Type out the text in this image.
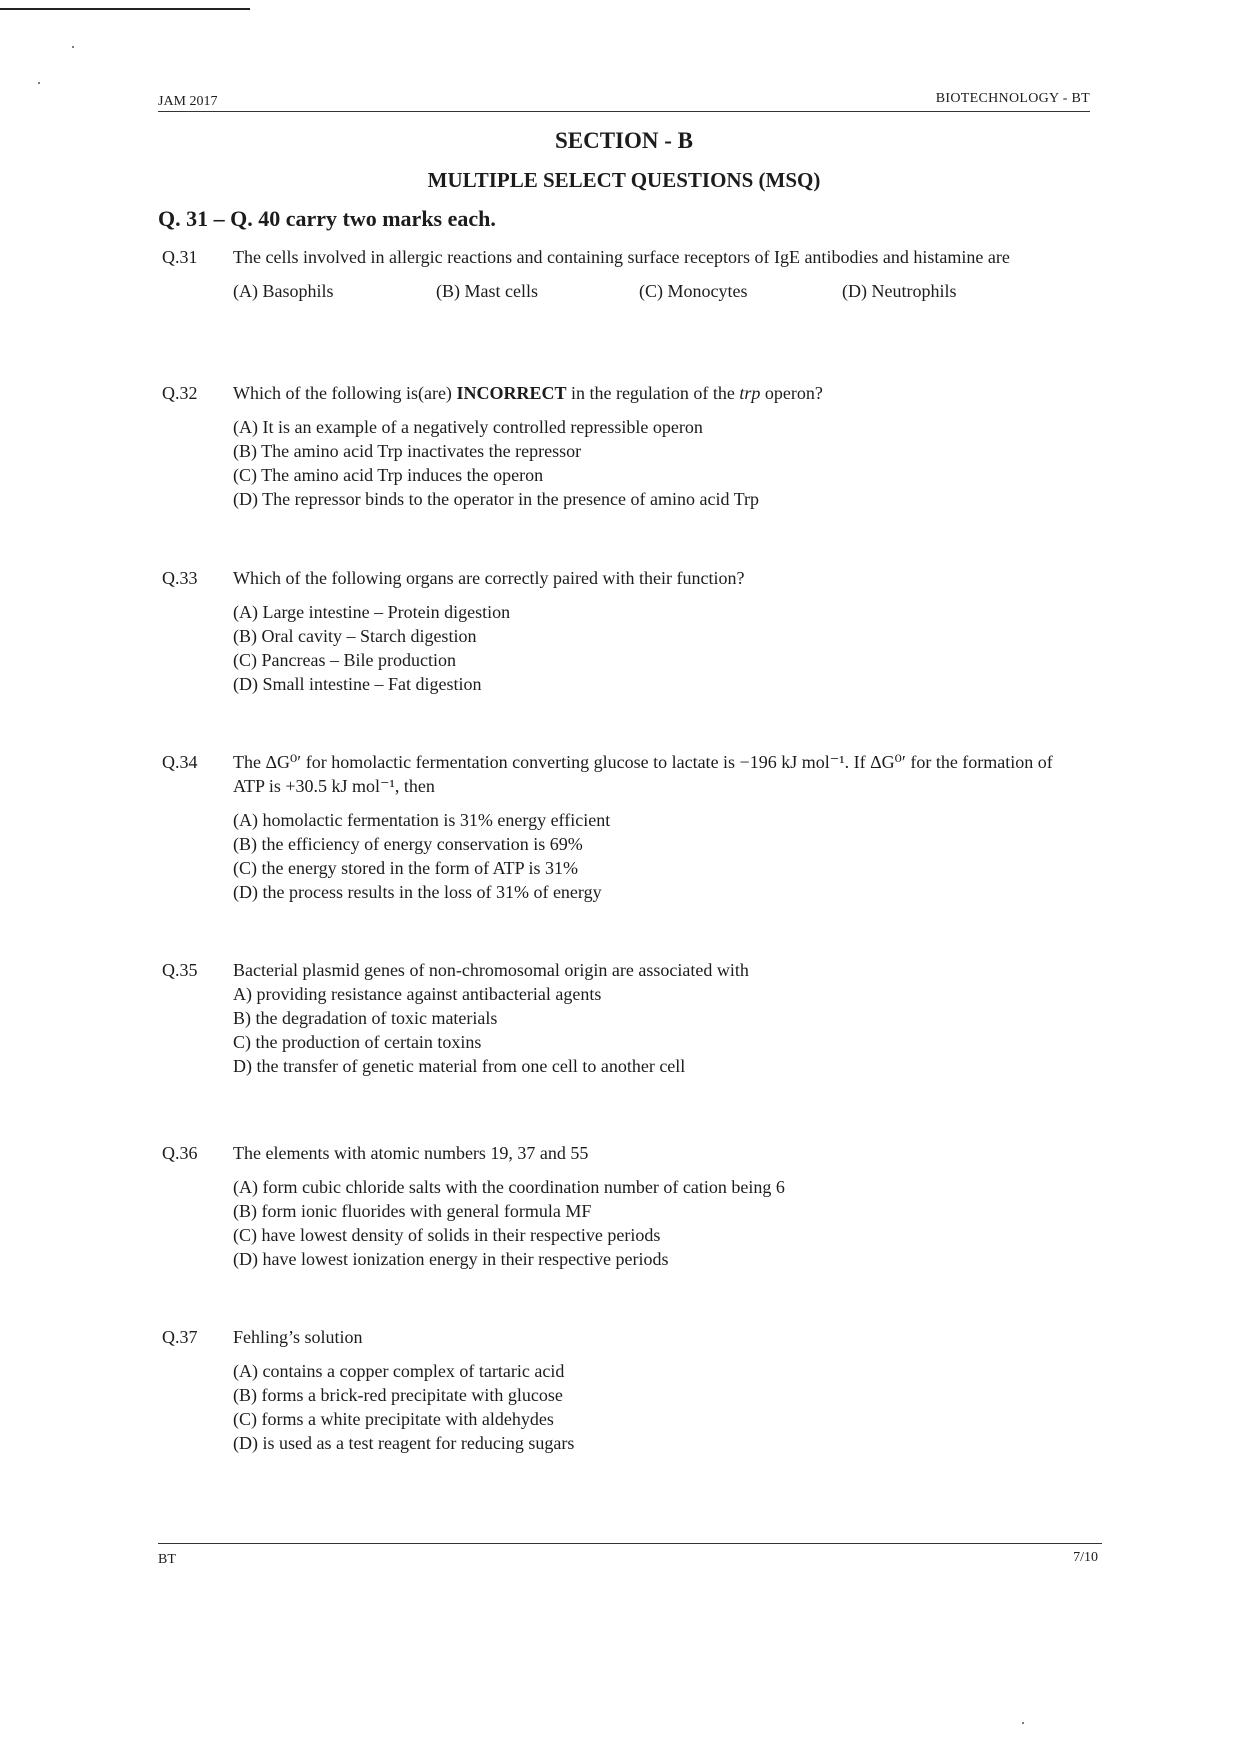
JAM 2017	BIOTECHNOLOGY - BT
SECTION - B
MULTIPLE SELECT QUESTIONS (MSQ)
Q. 31 – Q. 40 carry two marks each.
Q.31	The cells involved in allergic reactions and containing surface receptors of IgE antibodies and histamine are

(A) Basophils	(B) Mast cells	(C) Monocytes	(D) Neutrophils
Q.32	Which of the following is(are) INCORRECT in the regulation of the trp operon?

(A) It is an example of a negatively controlled repressible operon
(B) The amino acid Trp inactivates the repressor
(C) The amino acid Trp induces the operon
(D) The repressor binds to the operator in the presence of amino acid Trp
Q.33	Which of the following organs are correctly paired with their function?

(A) Large intestine – Protein digestion
(B) Oral cavity – Starch digestion
(C) Pancreas – Bile production
(D) Small intestine – Fat digestion
Q.34	The ΔG⁰′ for homolactic fermentation converting glucose to lactate is −196 kJ mol⁻¹. If ΔG⁰′ for the formation of ATP is +30.5 kJ mol⁻¹, then

(A) homolactic fermentation is 31% energy efficient
(B) the efficiency of energy conservation is 69%
(C) the energy stored in the form of ATP is 31%
(D) the process results in the loss of 31% of energy
Q.35	Bacterial plasmid genes of non-chromosomal origin are associated with

A) providing resistance against antibacterial agents
B) the degradation of toxic materials
C) the production of certain toxins
D) the transfer of genetic material from one cell to another cell
Q.36	The elements with atomic numbers 19, 37 and 55

(A) form cubic chloride salts with the coordination number of cation being 6
(B) form ionic fluorides with general formula MF
(C) have lowest density of solids in their respective periods
(D) have lowest ionization energy in their respective periods
Q.37	Fehling’s solution

(A) contains a copper complex of tartaric acid
(B) forms a brick-red precipitate with glucose
(C) forms a white precipitate with aldehydes
(D) is used as a test reagent for reducing sugars
BT	7/10
